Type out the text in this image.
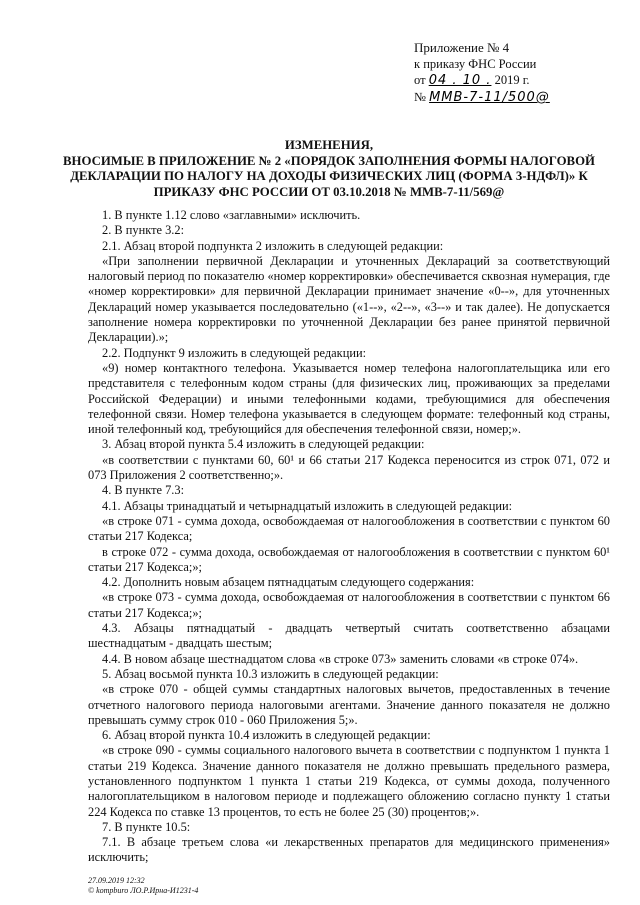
Приложение № 4
к приказу ФНС России
от 04 . 10 . 2019 г.
№ ММВ-7-11/500@
ИЗМЕНЕНИЯ,
ВНОСИМЫЕ В ПРИЛОЖЕНИЕ № 2 «ПОРЯДОК ЗАПОЛНЕНИЯ ФОРМЫ НАЛОГОВОЙ ДЕКЛАРАЦИИ ПО НАЛОГУ НА ДОХОДЫ ФИЗИЧЕСКИХ ЛИЦ (ФОРМА 3-НДФЛ)» К ПРИКАЗУ ФНС РОССИИ ОТ 03.10.2018 № ММВ-7-11/569@

1. В пункте 1.12 слово «заглавными» исключить.

2. В пункте 3.2:

2.1. Абзац второй подпункта 2 изложить в следующей редакции:

«При заполнении первичной Декларации и уточненных Деклараций за соответствующий налоговый период по показателю «номер корректировки» обеспечивается сквозная нумерация, где «номер корректировки» для первичной Декларации принимает значение «0--», для уточненных Деклараций номер указывается последовательно («1--», «2--», «3--» и так далее). Не допускается заполнение номера корректировки по уточненной Декларации без ранее принятой первичной Декларации).»;

2.2. Подпункт 9 изложить в следующей редакции:

«9) номер контактного телефона. Указывается номер телефона налогоплательщика или его представителя с телефонным кодом страны (для физических лиц, проживающих за пределами Российской Федерации) и иными телефонными кодами, требующимися для обеспечения телефонной связи. Номер телефона указывается в следующем формате: телефонный код страны, иной телефонный код, требующийся для обеспечения телефонной связи, номер;».

3. Абзац второй пункта 5.4 изложить в следующей редакции:

«в соответствии с пунктами 60, 60¹ и 66 статьи 217 Кодекса переносится из строк 071, 072 и 073 Приложения 2 соответственно;».

4. В пункте 7.3:

4.1. Абзацы тринадцатый и четырнадцатый изложить в следующей редакции:

«в строке 071 - сумма дохода, освобождаемая от налогообложения в соответствии с пунктом 60 статьи 217 Кодекса;

в строке 072 - сумма дохода, освобождаемая от налогообложения в соответствии с пунктом 60¹ статьи 217 Кодекса;»;

4.2. Дополнить новым абзацем пятнадцатым следующего содержания:

«в строке 073 - сумма дохода, освобождаемая от налогообложения в соответствии с пунктом 66 статьи 217 Кодекса;»;

4.3. Абзацы пятнадцатый - двадцать четвертый считать соответственно абзацами шестнадцатым - двадцать шестым;

4.4. В новом абзаце шестнадцатом слова «в строке 073» заменить словами «в строке 074».

5. Абзац восьмой пункта 10.3 изложить в следующей редакции:

«в строке 070 - общей суммы стандартных налоговых вычетов, предоставленных в течение отчетного налогового периода налоговыми агентами. Значение данного показателя не должно превышать сумму строк 010 - 060 Приложения 5;».

6. Абзац второй пункта 10.4 изложить в следующей редакции:

«в строке 090 - суммы социального налогового вычета в соответствии с подпунктом 1 пункта 1 статьи 219 Кодекса. Значение данного показателя не должно превышать предельного размера, установленного подпунктом 1 пункта 1 статьи 219 Кодекса, от суммы дохода, полученного налогоплательщиком в налоговом периоде и подлежащего обложению согласно пункту 1 статьи 224 Кодекса по ставке 13 процентов, то есть не более 25 (30) процентов;».

7. В пункте 10.5:

7.1. В абзаце третьем слова «и лекарственных препаратов для медицинского применения» исключить;

27.09.2019 12:32
© kompburo ЛО.Р.Ирна-И1231-4
